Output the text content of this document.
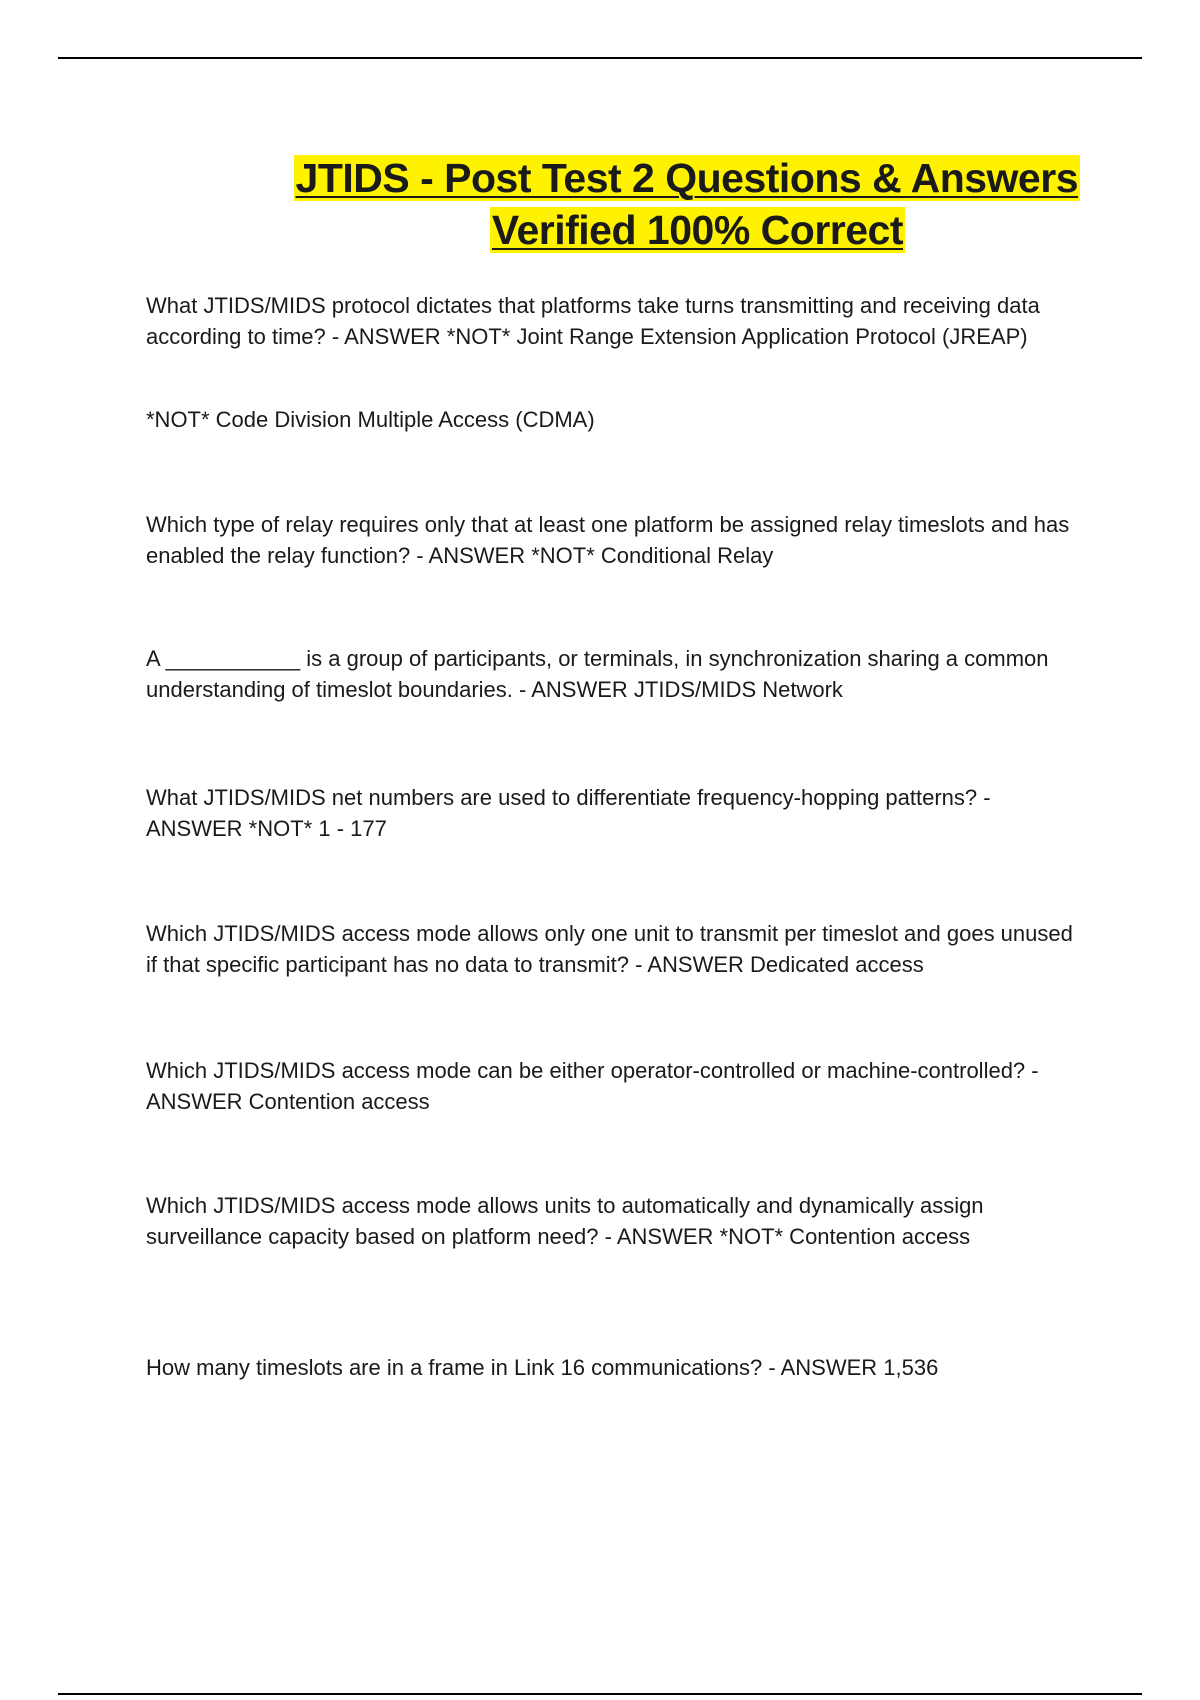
JTIDS - Post Test 2 Questions & Answers
Verified 100% Correct

What JTIDS/MIDS protocol dictates that platforms take turns transmitting and receiving data according to time? - ANSWER *NOT* Joint Range Extension Application Protocol (JREAP)

*NOT* Code Division Multiple Access (CDMA)

Which type of relay requires only that at least one platform be assigned relay timeslots and has enabled the relay function? - ANSWER *NOT* Conditional Relay

A ___________ is a group of participants, or terminals, in synchronization sharing a common understanding of timeslot boundaries. - ANSWER JTIDS/MIDS Network

What JTIDS/MIDS net numbers are used to differentiate frequency-hopping patterns? - ANSWER *NOT* 1 - 177

Which JTIDS/MIDS access mode allows only one unit to transmit per timeslot and goes unused if that specific participant has no data to transmit? - ANSWER Dedicated access

Which JTIDS/MIDS access mode can be either operator-controlled or machine-controlled? - ANSWER Contention access

Which JTIDS/MIDS access mode allows units to automatically and dynamically assign surveillance capacity based on platform need? - ANSWER *NOT* Contention access

How many timeslots are in a frame in Link 16 communications? - ANSWER 1,536
